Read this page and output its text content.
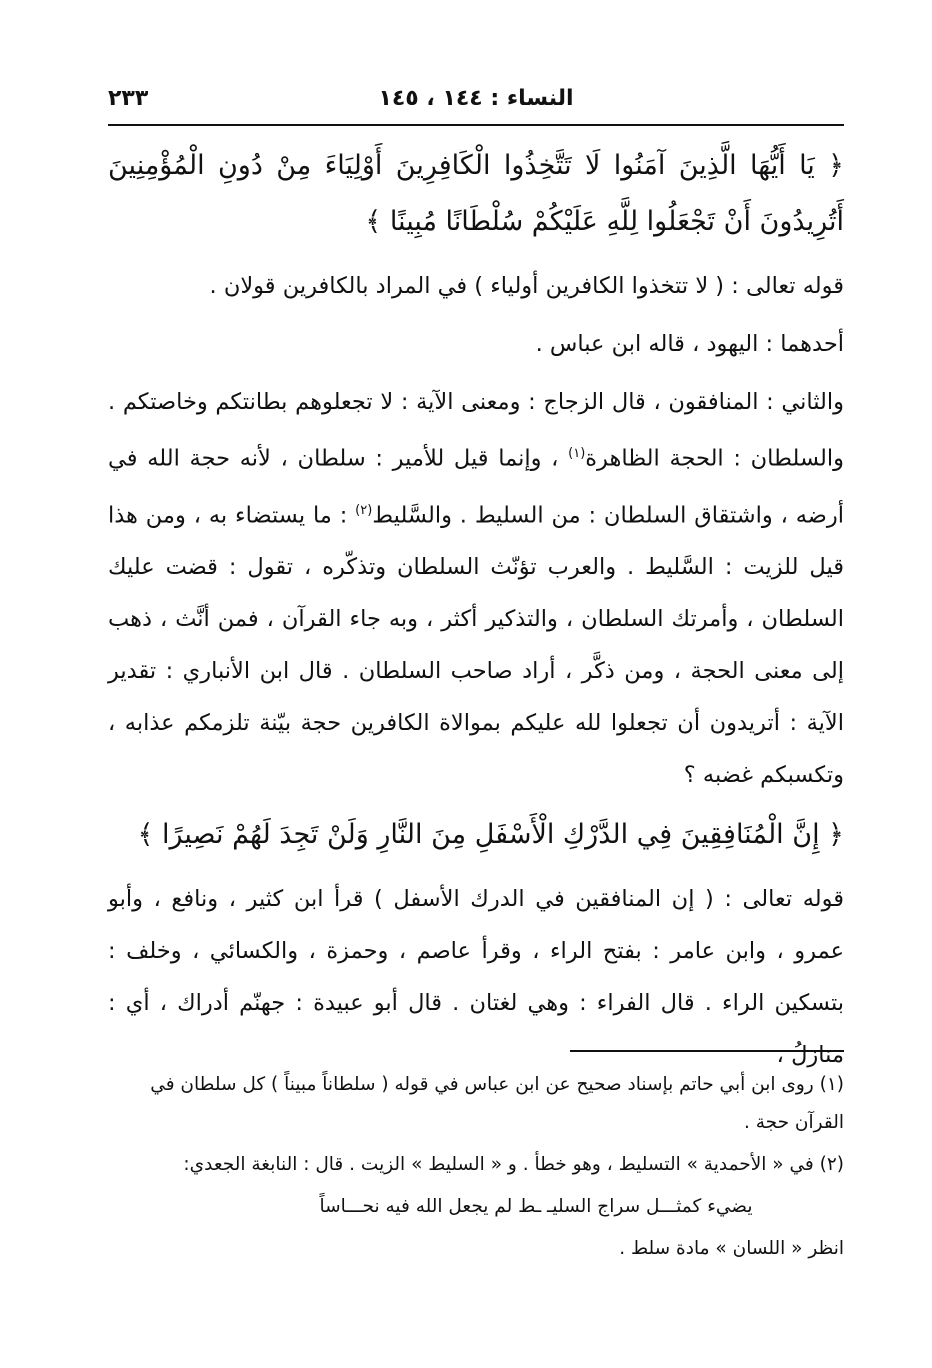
النساء : ١٤٤ ، ١٤٥
٢٣٣

﴿ يَا أَيُّهَا الَّذِينَ آمَنُوا لَا تَتَّخِذُوا الْكَافِرِينَ أَوْلِيَاءَ مِنْ دُونِ الْمُؤْمِنِينَ أَتُرِيدُونَ أَنْ تَجْعَلُوا لِلَّهِ عَلَيْكُمْ سُلْطَانًا مُبِينًا ﴾

قوله تعالى : ( لا تتخذوا الكافرين أولياء ) في المراد بالكافرين قولان .

أحدهما : اليهود ، قاله ابن عباس .

والثاني : المنافقون ، قال الزجاج : ومعنى الآية : لا تجعلوهم بطانتكم وخاصتكم . والسلطان : الحجة الظاهرة$^{(١)}$ ، وإنما قيل للأمير : سلطان ، لأنه حجة الله في أرضه ، واشتقاق السلطان : من السليط . والسَّليط$^{(٢)}$ : ما يستضاء به ، ومن هذا قيل للزيت : السَّليط . والعرب تؤنّث السلطان وتذكّره ، تقول : قضت عليك السلطان ، وأمرتك السلطان ، والتذكير أكثر ، وبه جاء القرآن ، فمن أنَّث ، ذهب إلى معنى الحجة ، ومن ذكَّر ، أراد صاحب السلطان . قال ابن الأنباري : تقدير الآية : أتريدون أن تجعلوا لله عليكم بموالاة الكافرين حجة بيّنة تلزمكم عذابه ، وتكسبكم غضبه ؟

﴿ إِنَّ الْمُنَافِقِينَ فِي الدَّرْكِ الْأَسْفَلِ مِنَ النَّارِ وَلَنْ تَجِدَ لَهُمْ نَصِيرًا ﴾

قوله تعالى : ( إن المنافقين في الدرك الأسفل ) قرأ ابن كثير ، ونافع ، وأبو عمرو ، وابن عامر : بفتح الراء ، وقرأ عاصم ، وحمزة ، والكسائي ، وخلف : بتسكين الراء . قال الفراء : وهي لغتان . قال أبو عبيدة : جهنّم أدراك ، أي : منازلُ ،

(١) روى ابن أبي حاتم بإسناد صحيح عن ابن عباس في قوله ( سلطاناً مبيناً ) كل سلطان في القرآن حجة .

(٢) في « الأحمدية » التسليط ، وهو خطأ . و « السليط » الزيت . قال : النابغة الجعدي:

يضيء كمثـــل سراج السليـ ـط لم يجعل الله فيه نحـــاساً

انظر « اللسان » مادة سلط .
